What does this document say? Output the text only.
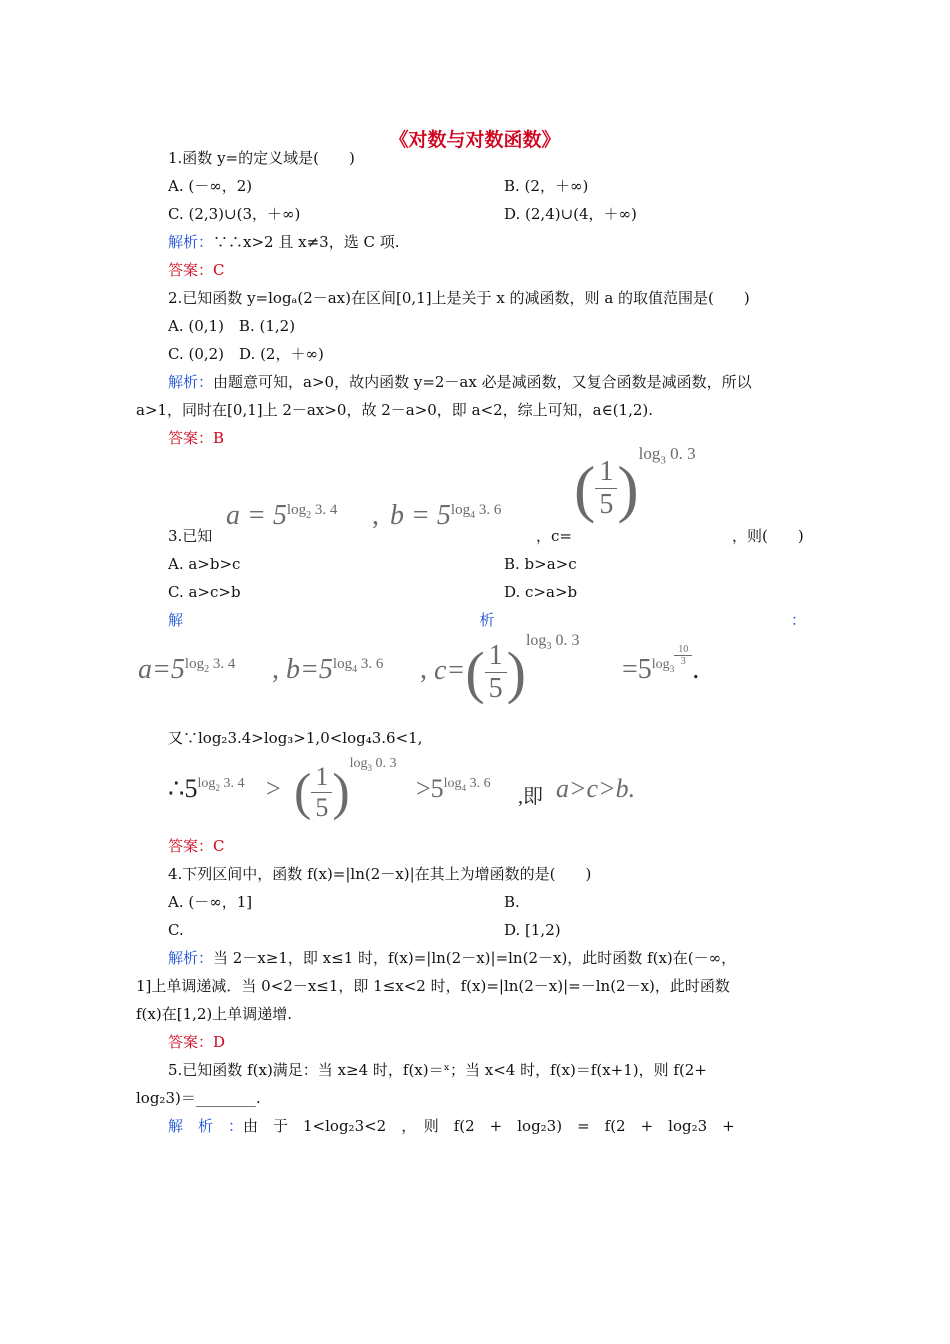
《对数与对数函数》
1.函数 y=的定义域是(　　)
A. (－∞，2)	B. (2，＋∞)
C. (2,3)∪(3，＋∞)	D. (2,4)∪(4，＋∞)
解析：∵∴x>2 且 x≠3，选 C 项.
答案：C
2.已知函数 y=logₐ(2－ax)在区间[0,1]上是关于 x 的减函数，则 a 的取值范围是(　　)
A. (0,1)　B. (1,2)
C. (0,2)　D. (2，＋∞)
解析：由题意可知，a>0，故内函数 y=2－ax 必是减函数，又复合函数是减函数，所以
a>1，同时在[0,1]上 2－ax>0，故 2－a>0，即 a<2，综上可知，a∈(1,2).
答案：B
3.已知
$a = 5^{log_2 3. 4}$ , $b = 5^{log_4 3. 6}$
，c=
( $\frac{1}{5} )^{log_3 0. 3}$
，则(　　)
A. a>b>c	B. b>a>c
C. a>c>b	D. c>a>b
解	析	：
$a=5^{log_2 3. 4}$ , $b=5^{log_4 3. 6}$ , $c=( \frac{1}{5} )^{log_3 0. 3}$
$=5^{log_3 \frac{10}{3}}$ .
又∵log₂3.4>log₃>1,0<log₄3.6<1,
$\therefore 5^{log_2 3. 4}$ > ( $\frac{1}{5} )^{log_3 0. 3}$
$>5^{log_4 3. 6}$
,即 a>c>b.
答案：C
4.下列区间中，函数 f(x)=|ln(2－x)|在其上为增函数的是(　　)
A. (－∞，1]	B.
C.	D. [1,2)
解析：当 2－x≥1，即 x≤1 时，f(x)=|ln(2－x)|=ln(2－x)，此时函数 f(x)在(－∞，
1]上单调递减．当 0<2－x≤1，即 1≤x<2 时，f(x)=|ln(2－x)|=－ln(2－x)，此时函数
f(x)在[1,2)上单调递增.
答案：D
5.已知函数 f(x)满足：当 x≥4 时，f(x)＝ˣ；当 x<4 时，f(x)＝f(x+1)，则 f(2+
log₂3)＝________.
解　析　：由　于　1<log₂3<2　，　则　f(2　+　log₂3)　=　f(2　+　log₂3　+
